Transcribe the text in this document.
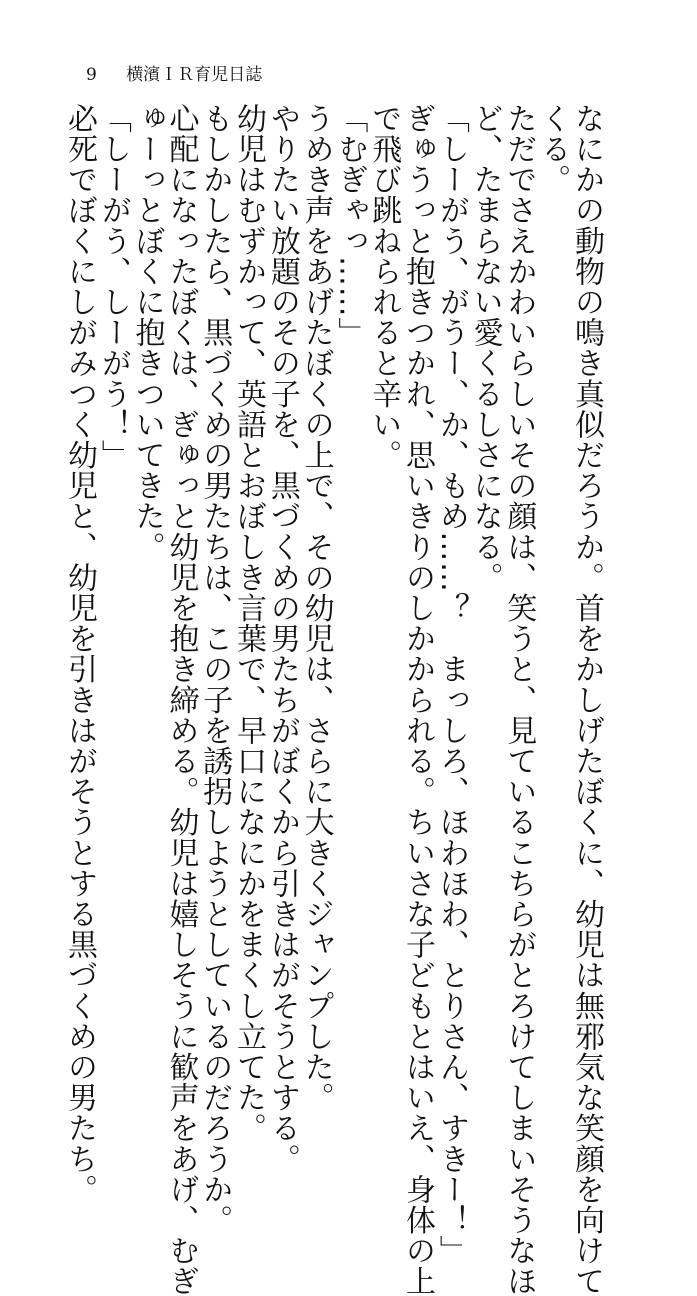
9 横濱ＩＲ育児日誌
なにかの動物の鳴き真似だろうか。首をかしげたぼくに、幼児は無邪気な笑顔を向けて
くる。
ただでさえかわいらしいその顔は、笑うと、見ているこちらがとろけてしまいそうなほ
ど、たまらない愛くるしさになる。
「しーがう、がうー、か、もめ……？　まっしろ、ほわほわ、とりさん、すきー！」
ぎゅうっと抱きつかれ、思いきりのしかかられる。ちいさな子どもとはいえ、身体の上
で飛び跳ねられると辛い。
「むぎゃっ……」
うめき声をあげたぼくの上で、その幼児は、さらに大きくジャンプした。
やりたい放題のその子を、黒づくめの男たちがぼくから引きはがそうとする。
幼児はむずかって、英語とおぼしき言葉で、早口になにかをまくし立てた。
もしかしたら、黒づくめの男たちは、この子を誘拐しようとしているのだろうか。
心配になったぼくは、ぎゅっと幼児を抱き締める。幼児は嬉しそうに歓声をあげ、むぎ
ゅーっとぼくに抱きついてきた。
「しーがう、しーがう！」
必死でぼくにしがみつく幼児と、幼児を引きはがそうとする黒づくめの男たち。
